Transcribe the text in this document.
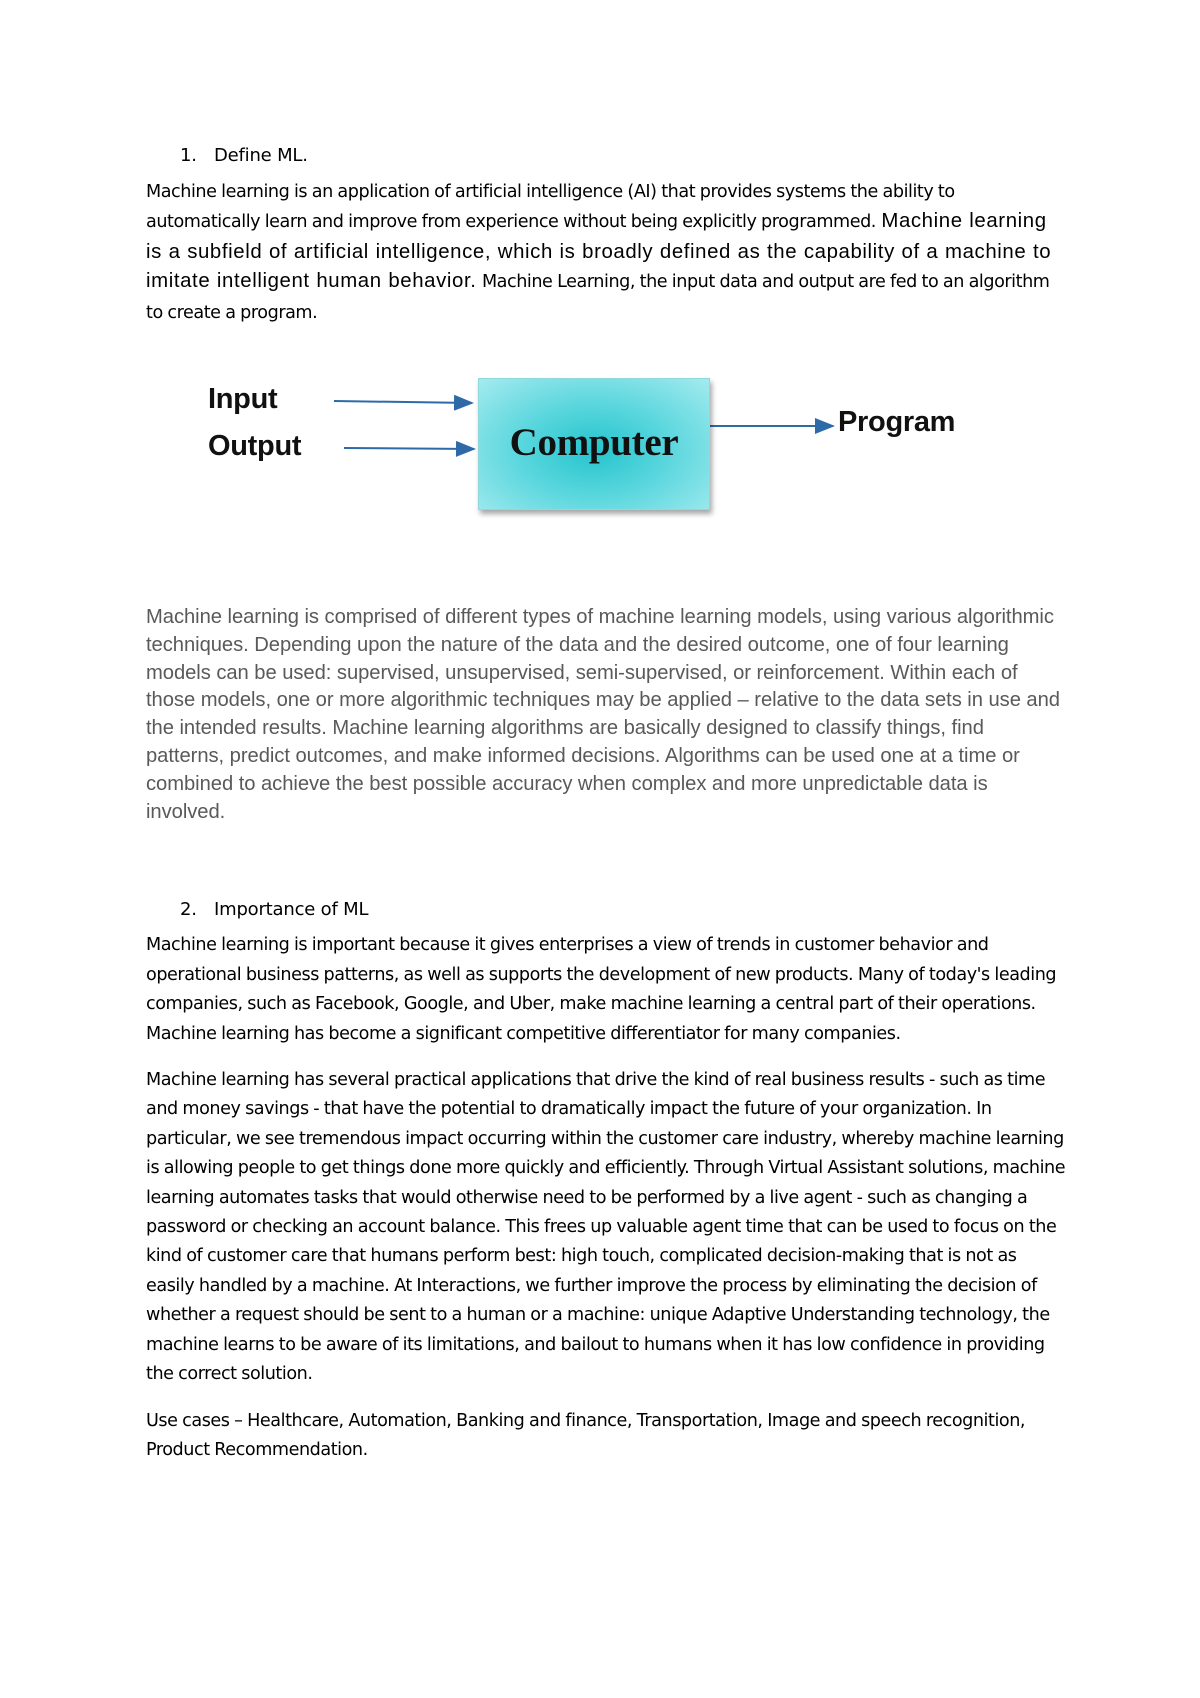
1. Define ML.

Machine learning is an application of artificial intelligence (AI) that provides systems the ability to automatically learn and improve from experience without being explicitly programmed. Machine learning is a subfield of artificial intelligence, which is broadly defined as the capability of a machine to imitate intelligent human behavior. Machine Learning, the input data and output are fed to an algorithm to create a program.

Input
Output	Computer	Program

Machine learning is comprised of different types of machine learning models, using various algorithmic techniques. Depending upon the nature of the data and the desired outcome, one of four learning models can be used: supervised, unsupervised, semi-supervised, or reinforcement. Within each of those models, one or more algorithmic techniques may be applied – relative to the data sets in use and the intended results. Machine learning algorithms are basically designed to classify things, find patterns, predict outcomes, and make informed decisions. Algorithms can be used one at a time or combined to achieve the best possible accuracy when complex and more unpredictable data is involved.

2. Importance of ML

Machine learning is important because it gives enterprises a view of trends in customer behavior and operational business patterns, as well as supports the development of new products. Many of today's leading companies, such as Facebook, Google, and Uber, make machine learning a central part of their operations. Machine learning has become a significant competitive differentiator for many companies.

Machine learning has several practical applications that drive the kind of real business results - such as time and money savings - that have the potential to dramatically impact the future of your organization. In particular, we see tremendous impact occurring within the customer care industry, whereby machine learning is allowing people to get things done more quickly and efficiently. Through Virtual Assistant solutions, machine learning automates tasks that would otherwise need to be performed by a live agent - such as changing a password or checking an account balance. This frees up valuable agent time that can be used to focus on the kind of customer care that humans perform best: high touch, complicated decision-making that is not as easily handled by a machine. At Interactions, we further improve the process by eliminating the decision of whether a request should be sent to a human or a machine: unique Adaptive Understanding technology, the machine learns to be aware of its limitations, and bailout to humans when it has low confidence in providing the correct solution.

Use cases – Healthcare, Automation, Banking and finance, Transportation, Image and speech recognition, Product Recommendation.
